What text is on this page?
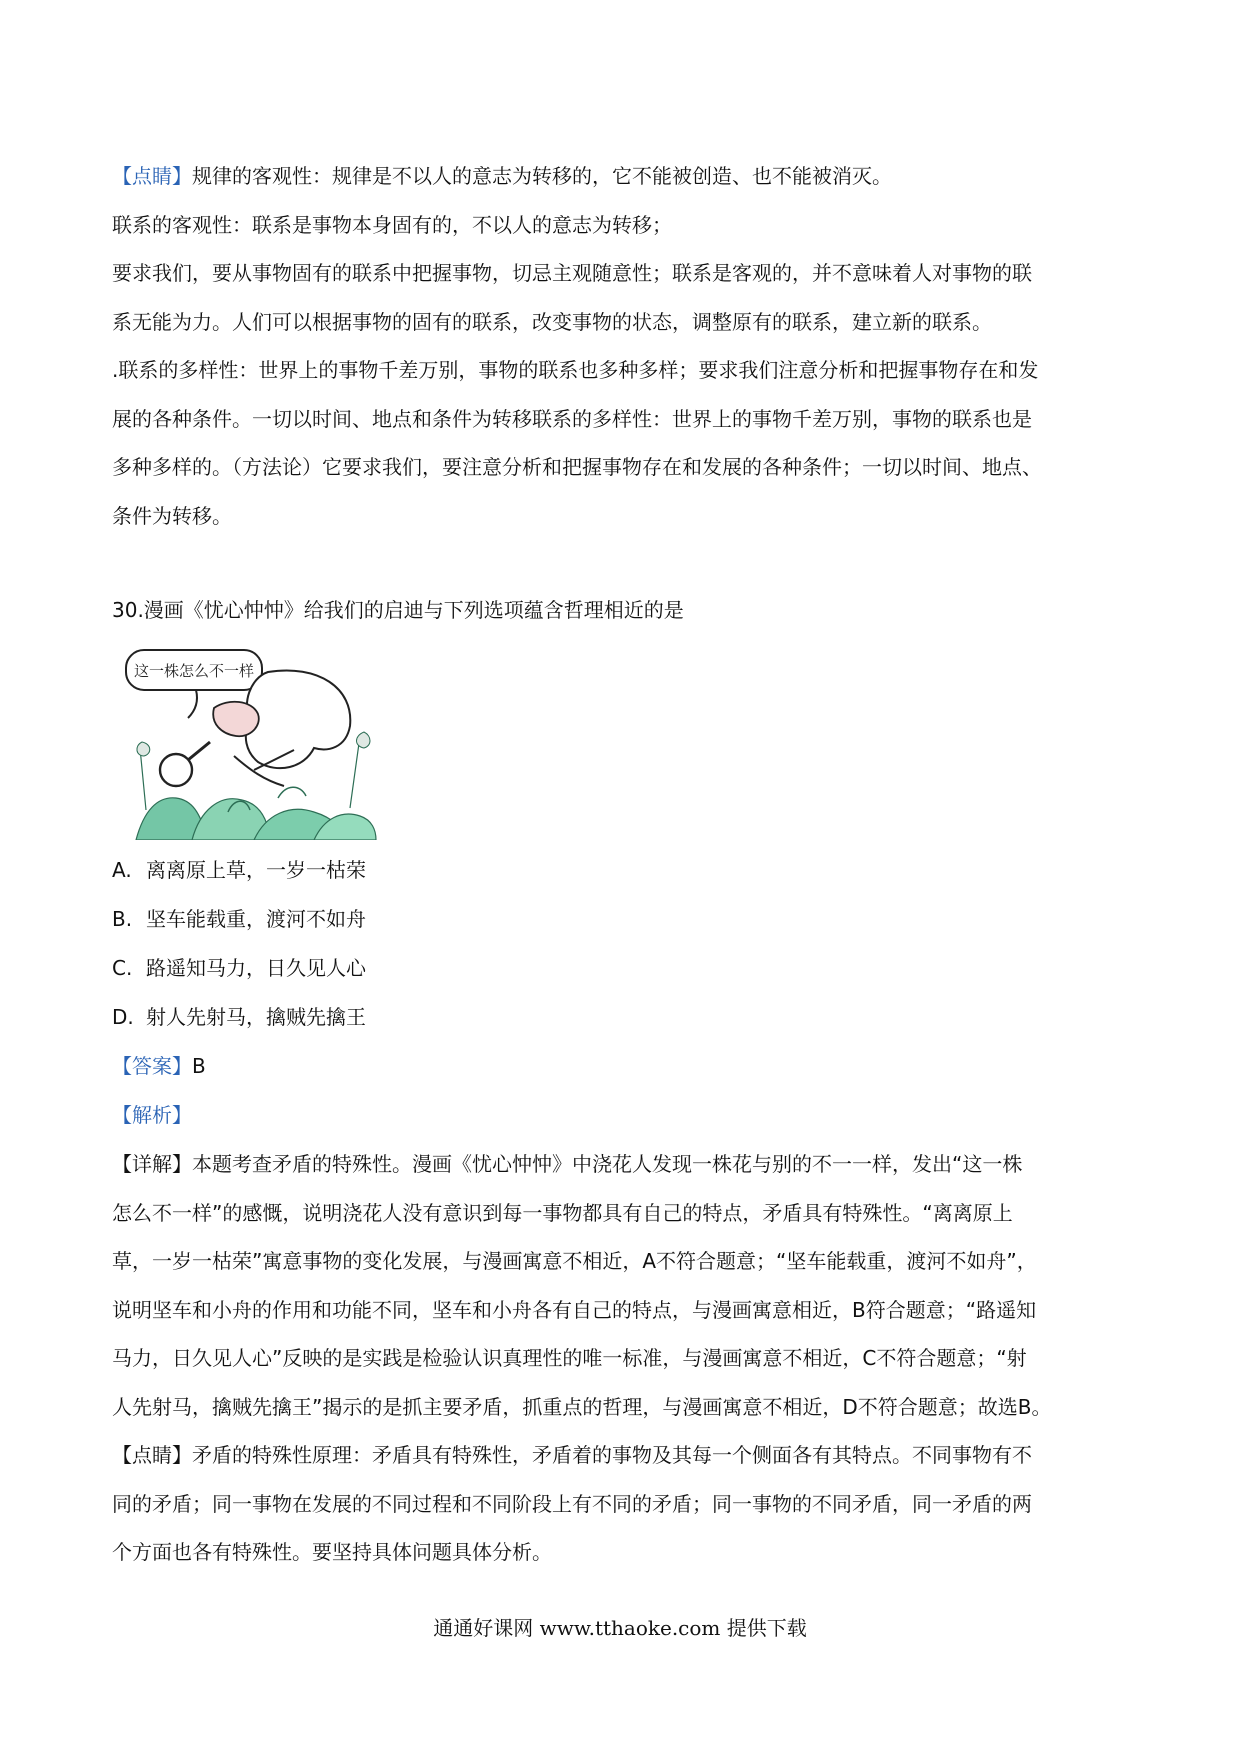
【点睛】规律的客观性：规律是不以人的意志为转移的，它不能被创造、也不能被消灭。
联系的客观性：联系是事物本身固有的，不以人的意志为转移；
要求我们，要从事物固有的联系中把握事物，切忌主观随意性；联系是客观的，并不意味着人对事物的联
系无能为力。人们可以根据事物的固有的联系，改变事物的状态，调整原有的联系，建立新的联系。
.联系的多样性：世界上的事物千差万别，事物的联系也多种多样；要求我们注意分析和把握事物存在和发
展的各种条件。一切以时间、地点和条件为转移联系的多样性：世界上的事物千差万别，事物的联系也是
多种多样的。（方法论）它要求我们，要注意分析和把握事物存在和发展的各种条件；一切以时间、地点、
条件为转移。

30.漫画《忧心忡忡》给我们的启迪与下列选项蕴含哲理相近的是

这一株怎么不一样
A. 离离原上草，一岁一枯荣
B. 坚车能载重，渡河不如舟
C. 路遥知马力，日久见人心
D. 射人先射马，擒贼先擒王
【答案】B
【解析】
【详解】本题考查矛盾的特殊性。漫画《忧心忡忡》中浇花人发现一株花与别的不一一样，发出“这一株
怎么不一样”的感慨，说明浇花人没有意识到每一事物都具有自己的特点，矛盾具有特殊性。“离离原上
草，一岁一枯荣”寓意事物的变化发展，与漫画寓意不相近，A不符合题意；“坚车能载重，渡河不如舟”，
说明坚车和小舟的作用和功能不同，坚车和小舟各有自己的特点，与漫画寓意相近，B符合题意；“路遥知
马力，日久见人心”反映的是实践是检验认识真理性的唯一标准，与漫画寓意不相近，C不符合题意；“射
人先射马，擒贼先擒王”揭示的是抓主要矛盾，抓重点的哲理，与漫画寓意不相近，D不符合题意；故选B。
【点睛】矛盾的特殊性原理：矛盾具有特殊性，矛盾着的事物及其每一个侧面各有其特点。不同事物有不
同的矛盾；同一事物在发展的不同过程和不同阶段上有不同的矛盾；同一事物的不同矛盾，同一矛盾的两
个方面也各有特殊性。要坚持具体问题具体分析。
通通好课网 www.tthaoke.com 提供下载
